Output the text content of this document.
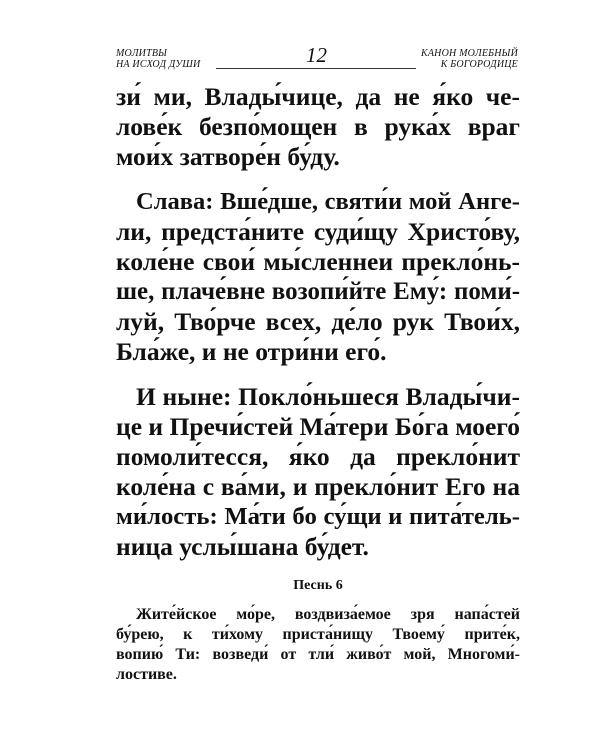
МОЛИТВЫ
НА ИСХОД ДУШИ	12	КАНОН МОЛЕБНЫЙ
К БОГОРОДИЦЕ

зи́ ми, Влады́чице, да не я́ко че-
лове́к безпо́мощен в рука́х враг
мои́х затворе́н бу́ду.

Слава: Вше́дше, святи́и мой Анге-
ли, предста́ните суди́щу Христо́ву,
коле́не свои́ мы́сленнеи прекло́нь-
ше, плаче́вне возопи́йте Ему́: поми́-
луй, Тво́рче всех, де́ло рук Твои́х,
Бла́же, и не отри́ни его́.

И ныне: Покло́ньшеся Влады́чи-
це и Пречи́стей Ма́тери Бо́га моего́
помоли́тесся, я́ко да прекло́нит
коле́на с ва́ми, и прекло́нит Его на
ми́лость: Ма́ти бо су́щи и пита́тель-
ница услы́шана бу́дет.

Песнь 6
Жите́йское мо́ре, воздвиза́емое зря напа́стей
бу́рею, к ти́хому приста́нищу Твоему́ прите́к,
вопию́ Ти: возведи́ от тли́ живо́т мой, Многоми́-
лостиве.
